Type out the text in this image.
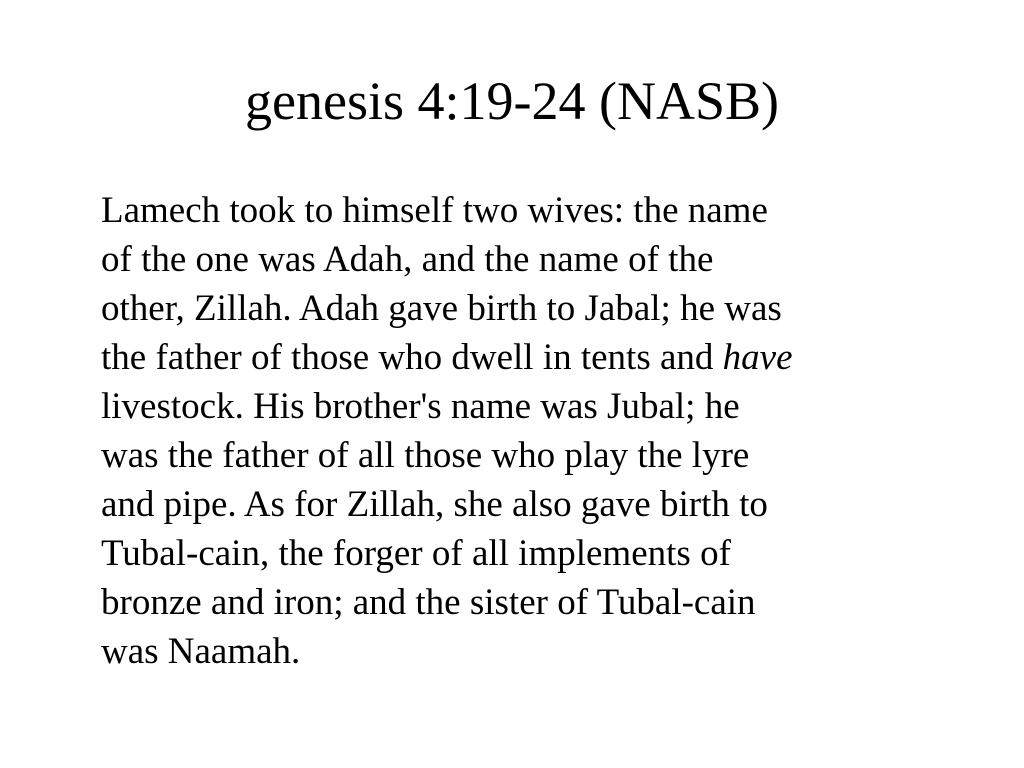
genesis 4:19-24 (NASB)
Lamech took to himself two wives: the name
of the one was Adah, and the name of the
other, Zillah. Adah gave birth to Jabal; he was
the father of those who dwell in tents and have
livestock. His brother's name was Jubal; he
was the father of all those who play the lyre
and pipe. As for Zillah, she also gave birth to
Tubal-cain, the forger of all implements of
bronze and iron; and the sister of Tubal-cain
was Naamah.
